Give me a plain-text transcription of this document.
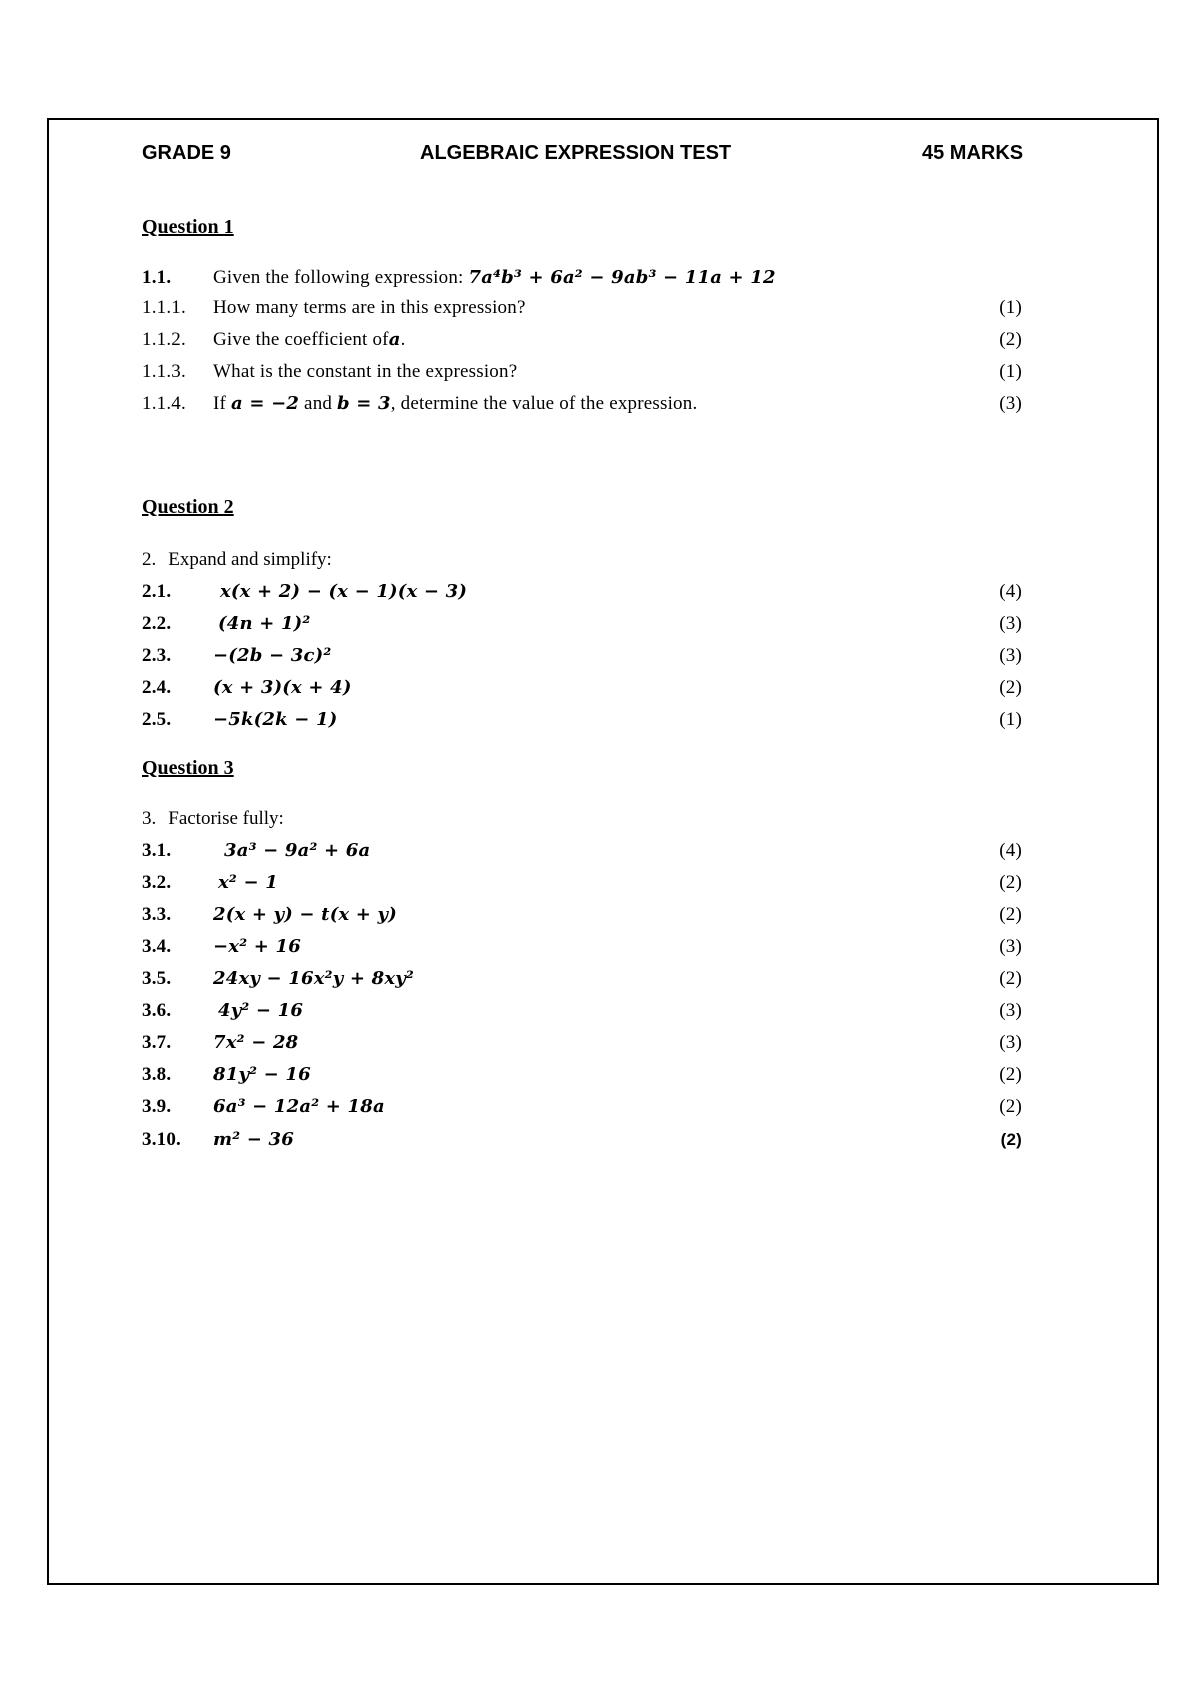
GRADE 9	ALGEBRAIC EXPRESSION TEST	45 MARKS
Question 1
1.1. Given the following expression: 7a⁴b³ + 6a² − 9ab³ − 11a + 12
1.1.1. How many terms are in this expression?	(1)
1.1.2. Give the coefficient ofa.	(2)
1.1.3. What is the constant in the expression?	(1)
1.1.4. If a = −2 and b = 3, determine the value of the expression.	(3)
Question 2
2. Expand and simplify:
2.1.	x(x + 2) − (x − 1)(x − 3)	(4)
2.2.	(4n + 1)²	(3)
2.3. −(2b − 3c)²	(3)
2.4. (x + 3)(x + 4)	(2)
2.5. −5k(2k − 1)	(1)
Question 3
3. Factorise fully:
3.1.	3a³ − 9a² + 6a	(4)
3.2.	x² − 1	(2)
3.3. 2(x + y) − t(x + y)	(2)
3.4. −x² + 16	(3)
3.5. 24xy − 16x²y + 8xy²	(2)
3.6.	4y² − 16	(3)
3.7. 7x² − 28	(3)
3.8. 81y² − 16	(2)
3.9. 6a³ − 12a² + 18a	(2)
3.10. m² − 36	(2)
